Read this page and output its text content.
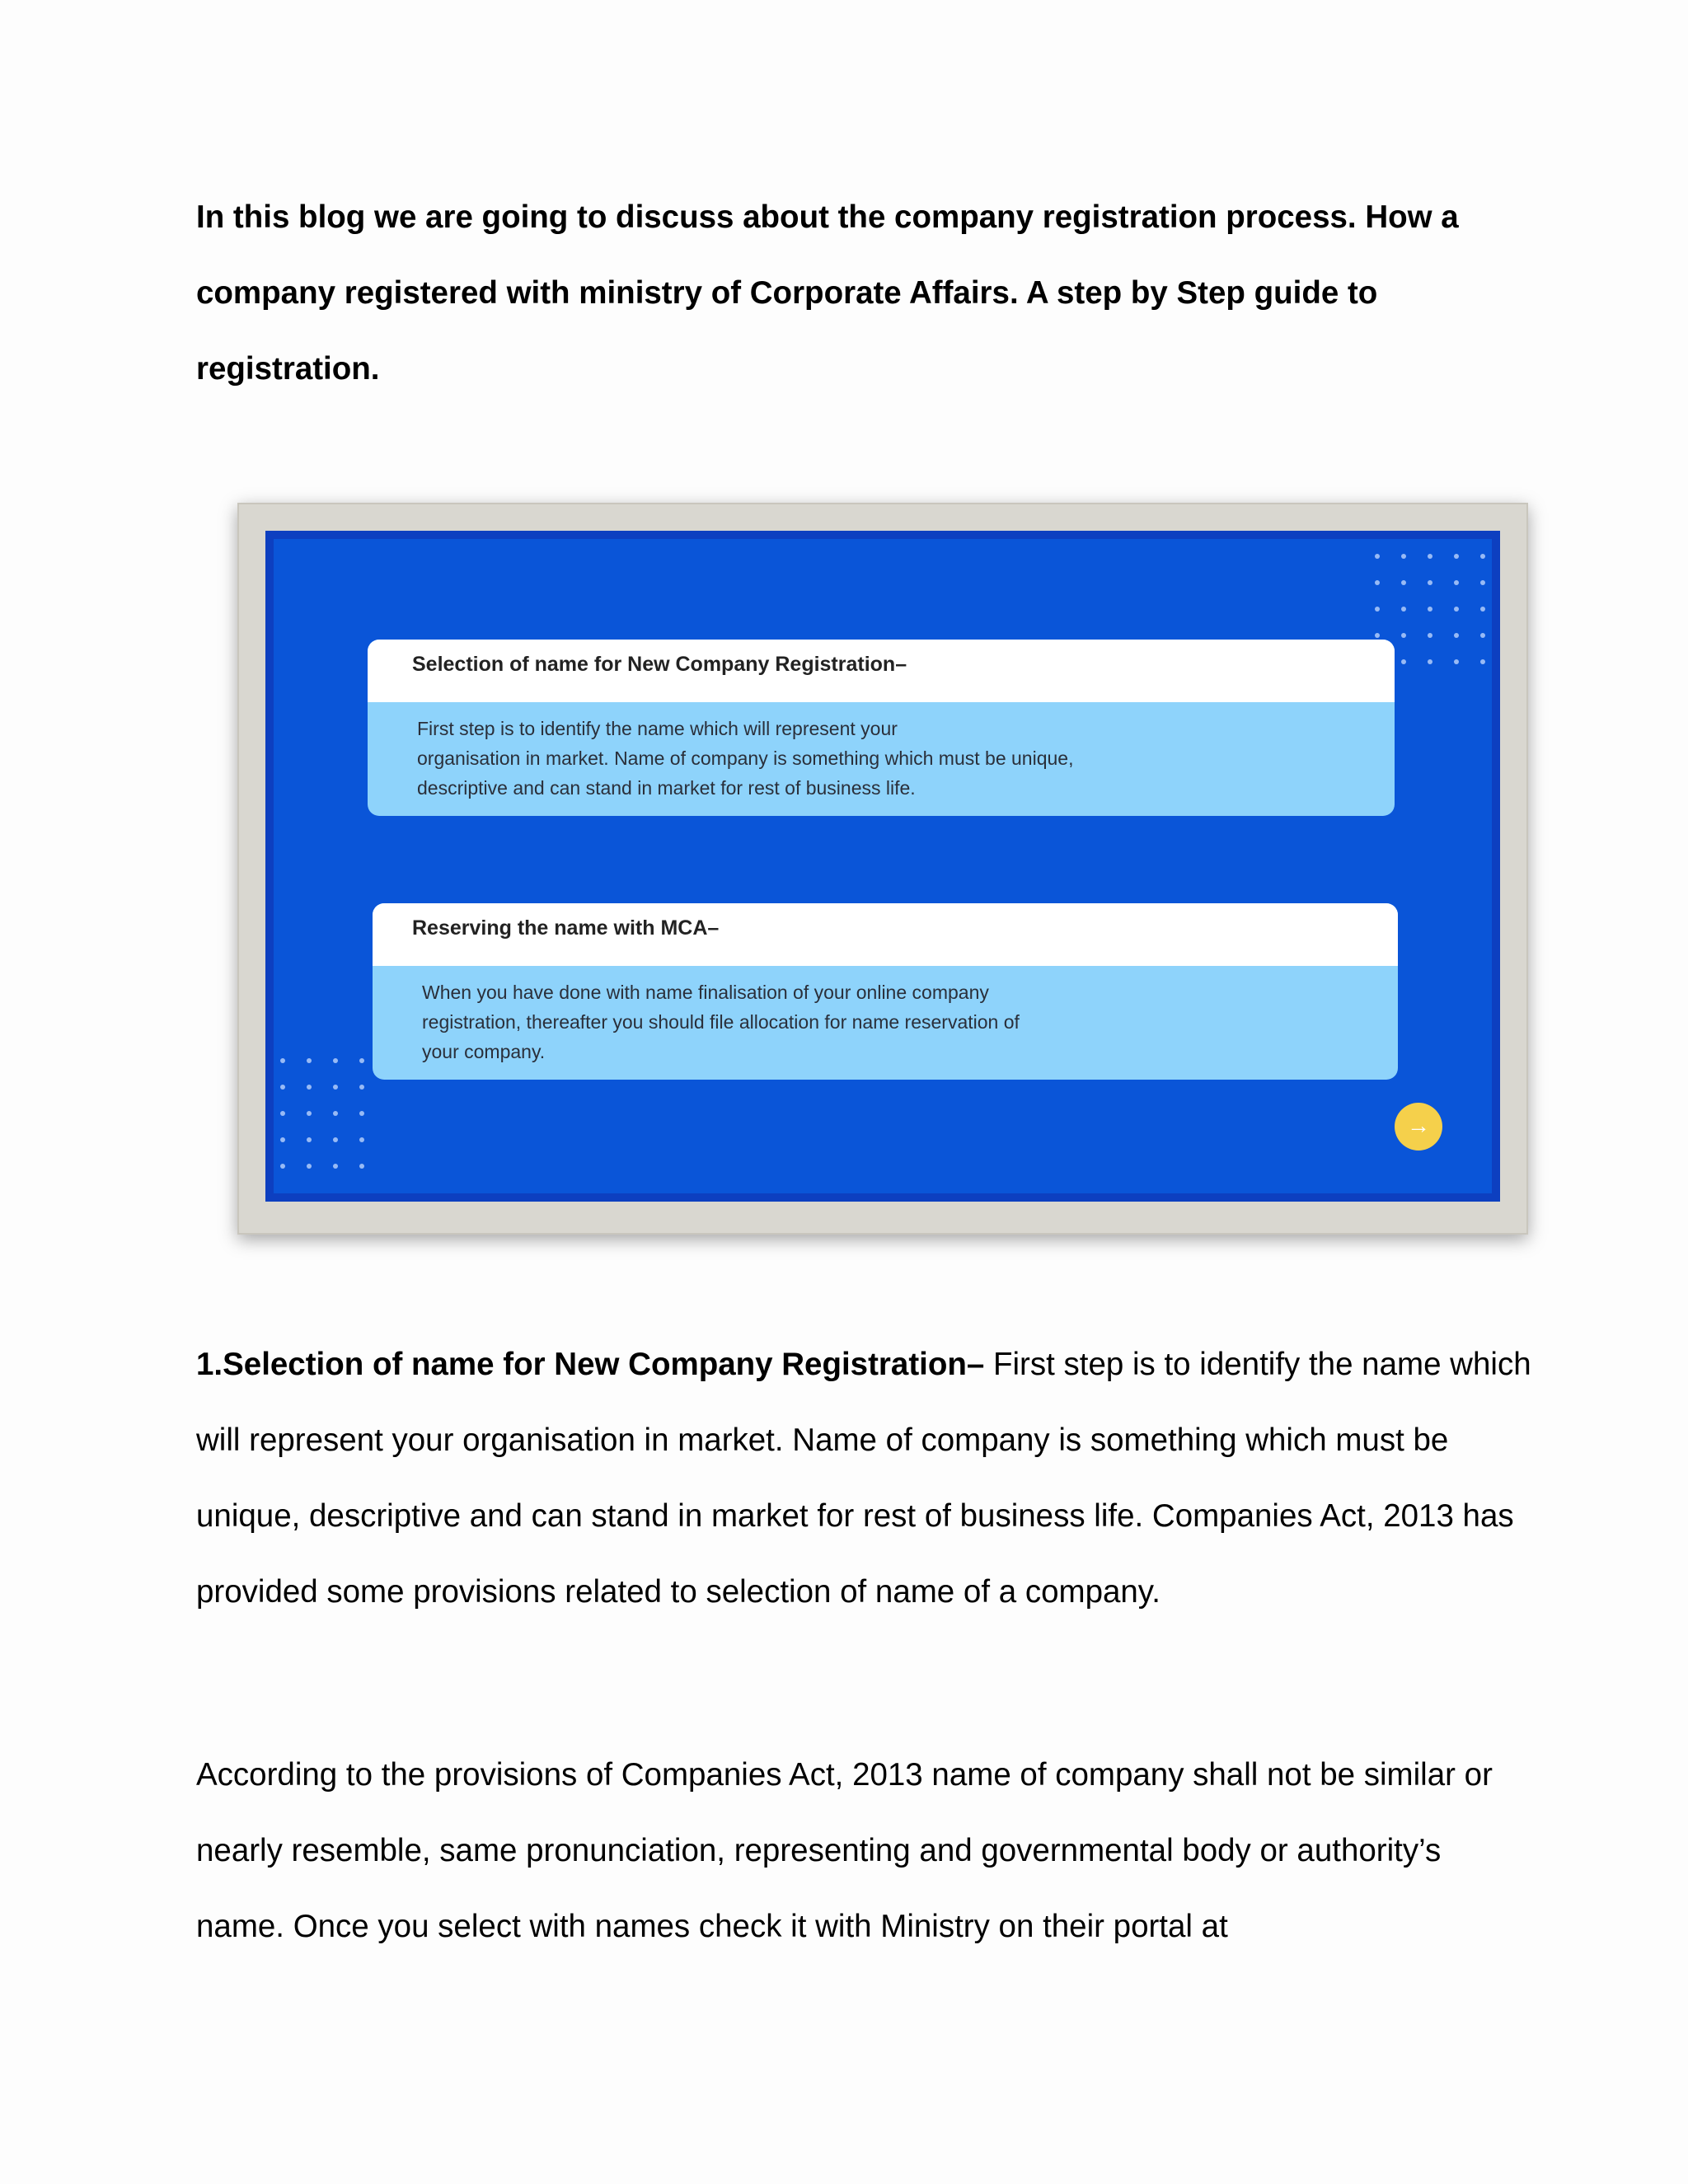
In this blog we are going to discuss about the company registration process. How a company registered with ministry of Corporate Affairs. A step by Step guide to registration.

Selection of name for New Company Registration–
First step is to identify the name which will represent your
organisation in market. Name of company is something which must be unique,
descriptive and can stand in market for rest of business life.
Reserving the name with MCA–
When you have done with name finalisation of your online company
registration, thereafter you should file allocation for name reservation of
your company.
→

1.Selection of name for New Company Registration– First step is to identify the name which will represent your organisation in market. Name of company is something which must be unique, descriptive and can stand in market for rest of business life. Companies Act, 2013 has provided some provisions related to selection of name of a company.

According to the provisions of Companies Act, 2013 name of company shall not be similar or nearly resemble, same pronunciation, representing and governmental body or authority’s name. Once you select with names check it with Ministry on their portal at
